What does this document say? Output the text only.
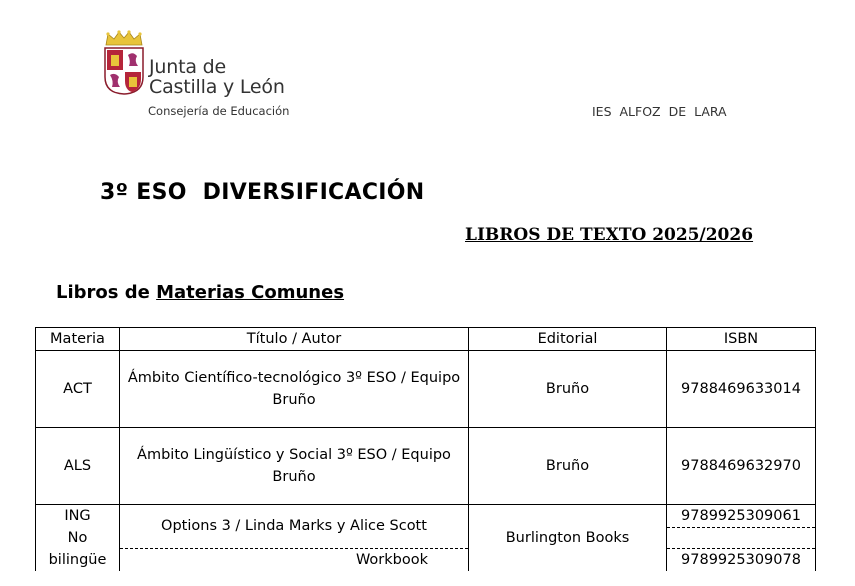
Junta de
Castilla y León
Consejería de Educación	IES ALFOZ DE LARA
3º ESO  DIVERSIFICACIÓN
LIBROS DE TEXTO 2025/2026
Libros de Materias Comunes
Materia	Título / Autor	Editorial	ISBN
ACT	Ámbito Científico-tecnológico 3º ESO / Equipo Bruño	Bruño	9788469633014
ALS	Ámbito Lingüístico y Social 3º ESO / Equipo Bruño	Bruño	9788469632970

ING
No
bilingüe	Options 3 / Linda Marks y Alice Scott	Burlington Books	9789925309061

	Workbook		9789925309078
